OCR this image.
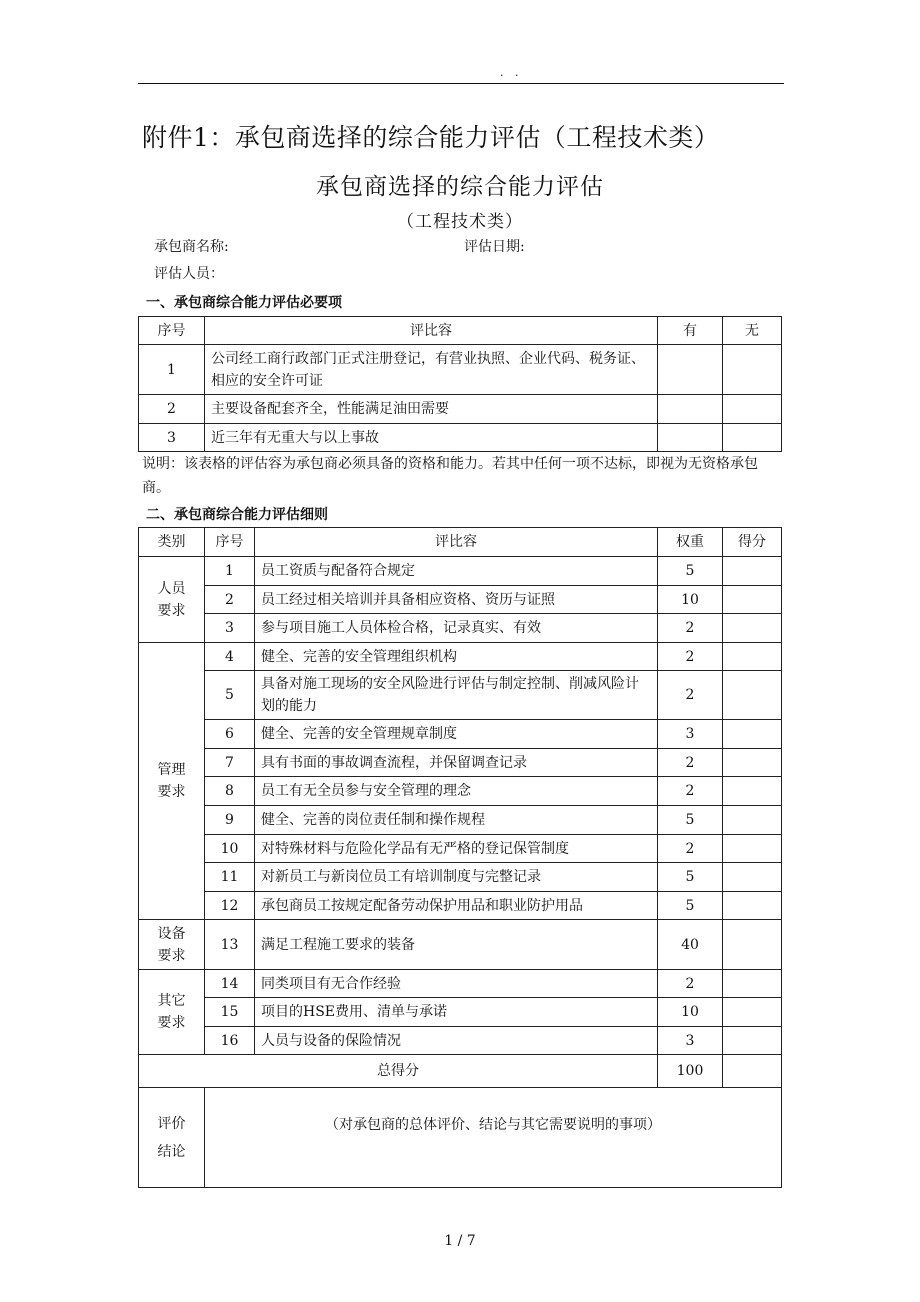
. .
附件1：承包商选择的综合能力评估（工程技术类）
承包商选择的综合能力评估
（工程技术类）
承包商名称:	评估日期:
评估人员：
一、承包商综合能力评估必要项
序号	评比容	有	无
1	公司经工商行政部门正式注册登记，有营业执照、企业代码、税务证、相应的安全许可证		
2	主要设备配套齐全，性能满足油田需要		
3	近三年有无重大与以上事故		
说明：该表格的评估容为承包商必须具备的资格和能力。若其中任何一项不达标，即视为无资格承包商。
二、承包商综合能力评估细则
类别	序号	评比容	权重	得分
人员要求	1	员工资质与配备符合规定	5	
	2	员工经过相关培训并具备相应资格、资历与证照	10	
	3	参与项目施工人员体检合格，记录真实、有效	2	
管理要求	4	健全、完善的安全管理组织机构	2	
	5	具备对施工现场的安全风险进行评估与制定控制、削减风险计划的能力	2	
	6	健全、完善的安全管理规章制度	3	
	7	具有书面的事故调查流程，并保留调查记录	2	
	8	员工有无全员参与安全管理的理念	2	
	9	健全、完善的岗位责任制和操作规程	5	
	10	对特殊材料与危险化学品有无严格的登记保管制度	2	
	11	对新员工与新岗位员工有培训制度与完整记录	5	
	12	承包商员工按规定配备劳动保护用品和职业防护用品	5	
设备要求	13	满足工程施工要求的装备	40	
其它要求	14	同类项目有无合作经验	2	
	15	项目的HSE费用、清单与承诺	10	
	16	人员与设备的保险情况	3	
总得分			100	
评价结论	（对承包商的总体评价、结论与其它需要说明的事项）			
1 / 7
